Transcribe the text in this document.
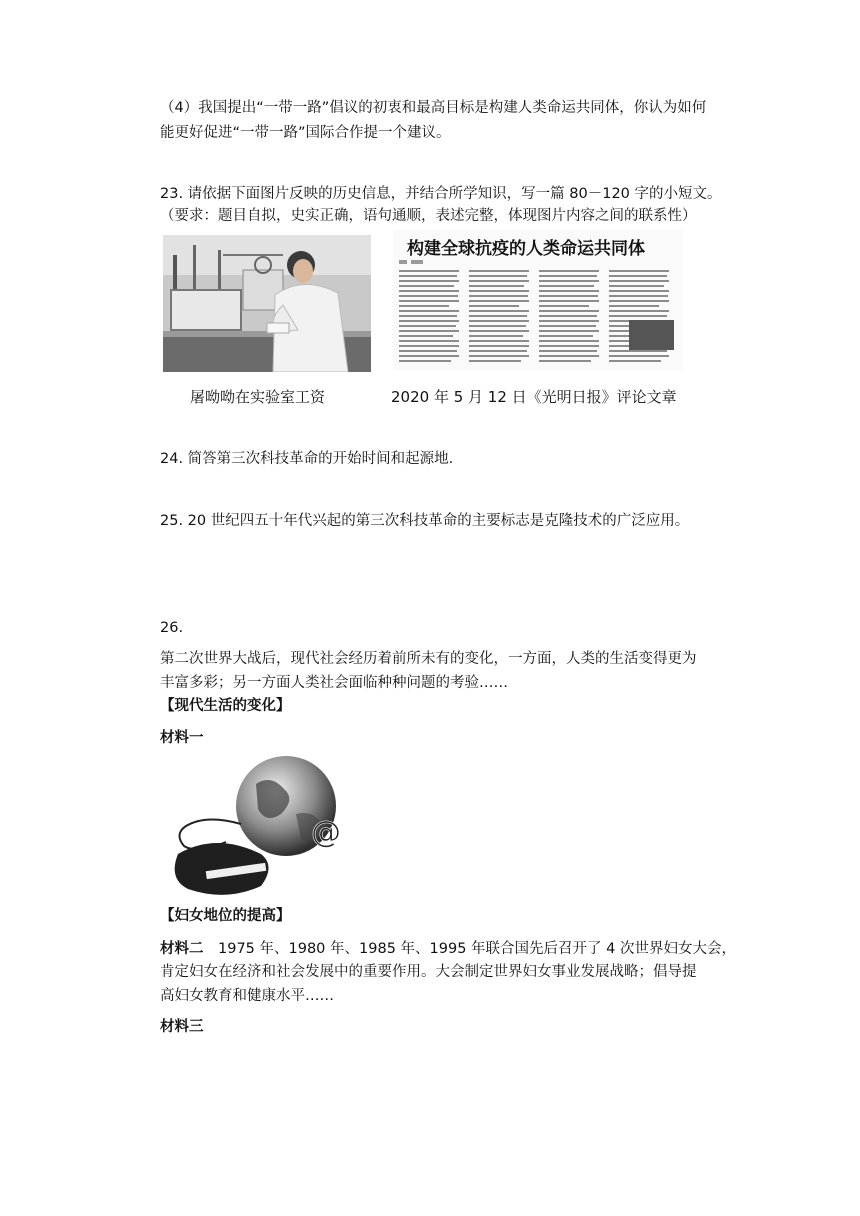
（4）我国提出“一带一路”倡议的初衷和最高目标是构建人类命运共同体，你认为如何
能更好促进“一带一路”国际合作提一个建议。
23. 请依据下面图片反映的历史信息，并结合所学知识，写一篇 80－120 字的小短文。
（要求：题目自拟，史实正确，语句通顺，表述完整，体现图片内容之间的联系性）
构建全球抗疫的人类命运共同体
屠呦呦在实验室工资	2020 年 5 月 12 日《光明日报》评论文章
24. 简答第三次科技革命的开始时间和起源地.
25. 20 世纪四五十年代兴起的第三次科技革命的主要标志是克隆技术的广泛应用。
26.
第二次世界大战后，现代社会经历着前所未有的变化，一方面，人类的生活变得更为
丰富多彩；另一方面人类社会面临种种问题的考验……
【现代生活的变化】
材料一
@
【妇女地位的提高】
材料二  1975 年、1980 年、1985 年、1995 年联合国先后召开了 4 次世界妇女大会，
肯定妇女在经济和社会发展中的重要作用。大会制定世界妇女事业发展战略；倡导提
高妇女教育和健康水平……
材料三
